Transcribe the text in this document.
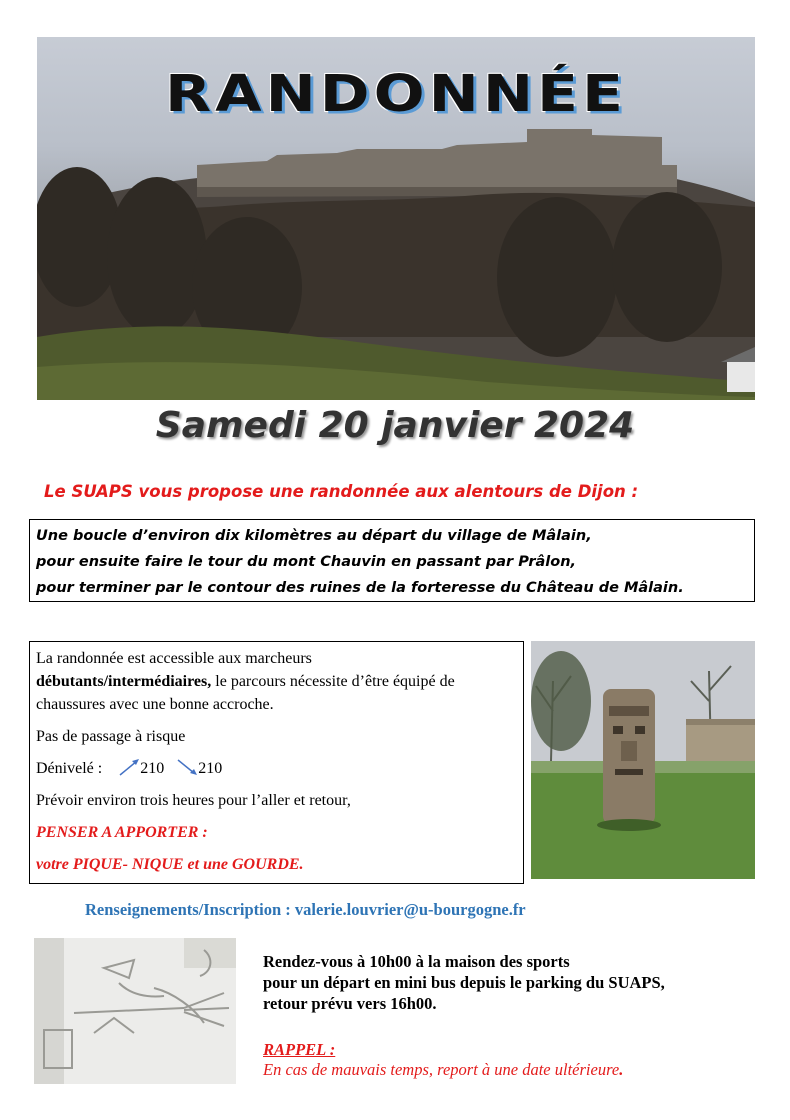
RANDONNÉE
Samedi 20 janvier 2024
Le SUAPS vous propose une randonnée aux alentours de Dijon :
Une boucle d’environ dix kilomètres au départ du village de Mâlain,
pour ensuite faire le tour du mont Chauvin en passant par Prâlon,
pour terminer par le contour des ruines de la forteresse du Château de Mâlain.

La randonnée est accessible aux marcheurs
débutants/intermédiaires, le parcours nécessite d’être équipé de chaussures avec une bonne accroche.

Pas de passage à risque

Dénivelé : 210 210

Prévoir environ trois heures pour l’aller et retour,

PENSER A APPORTER :

votre PIQUE- NIQUE et une GOURDE.

Renseignements/Inscription : valerie.louvrier@u-bourgogne.fr
Rendez-vous à 10h00 à la maison des sports
pour un départ en mini bus depuis le parking du SUAPS,
retour prévu vers 16h00.
RAPPEL :
En cas de mauvais temps, report à une date ultérieure.
